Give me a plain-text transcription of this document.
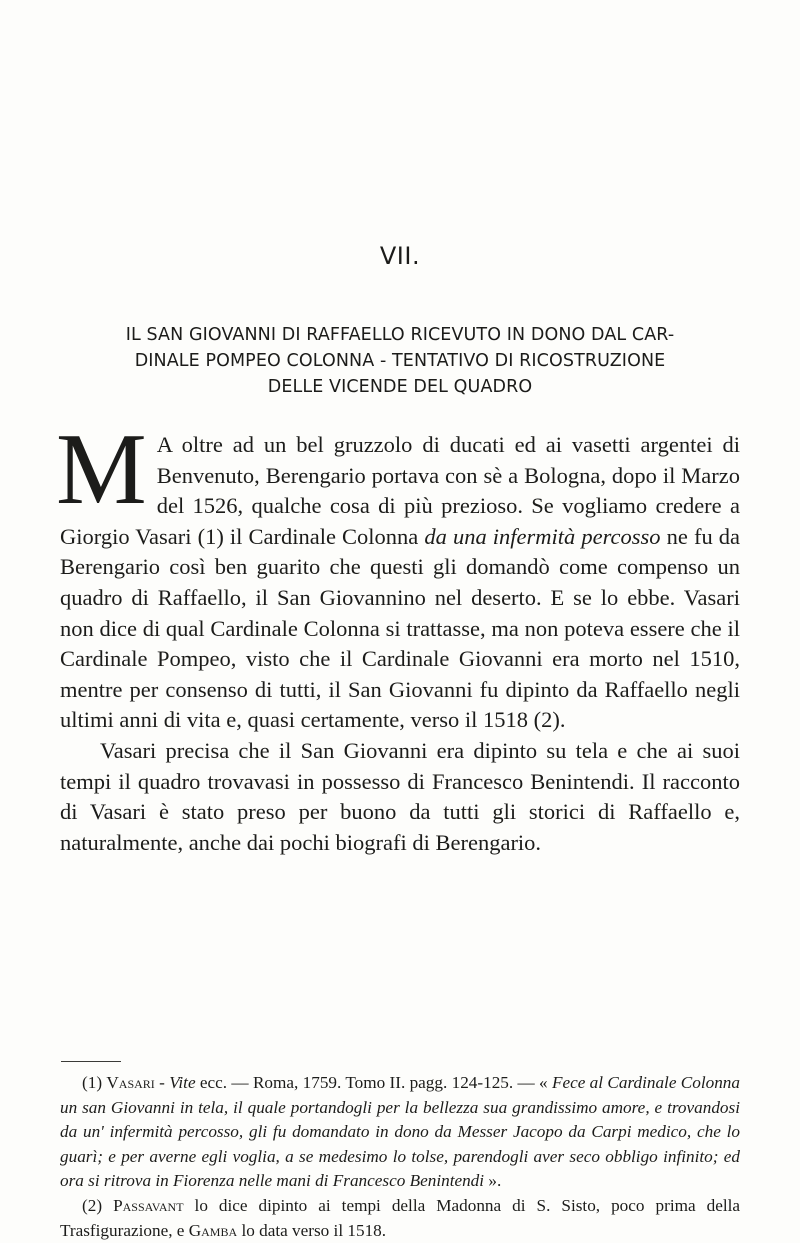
VII.
IL SAN GIOVANNI DI RAFFAELLO RICEVUTO IN DONO DAL CAR-
DINALE POMPEO COLONNA - TENTATIVO DI RICOSTRUZIONE
DELLE VICENDE DEL QUADRO

M A oltre ad un bel gruzzolo di ducati ed ai vasetti argentei di Benvenuto, Berengario portava con sè a Bologna, dopo il Marzo del 1526, qualche cosa di più prezioso. Se vogliamo credere a Giorgio Vasari (1) il Cardinale Colonna da una infermità percosso ne fu da Berengario così ben guarito che questi gli domandò come compenso un quadro di Raffaello, il San Giovannino nel deserto. E se lo ebbe. Vasari non dice di qual Cardinale Colonna si trattasse, ma non poteva essere che il Cardinale Pompeo, visto che il Cardinale Giovanni era morto nel 1510, mentre per consenso di tutti, il San Giovanni fu dipinto da Raffaello negli ultimi anni di vita e, quasi certamente, verso il 1518 (2).

Vasari precisa che il San Giovanni era dipinto su tela e che ai suoi tempi il quadro trovavasi in possesso di Francesco Benintendi. Il racconto di Vasari è stato preso per buono da tutti gli storici di Raffaello e, naturalmente, anche dai pochi biografi di Berengario.

(1) Vasari - Vite ecc. — Roma, 1759. Tomo II. pagg. 124-125. — « Fece al Cardinale Colonna un san Giovanni in tela, il quale portandogli per la bellezza sua grandissimo amore, e trovandosi da un' infermità percosso, gli fu domandato in dono da Messer Jacopo da Carpi medico, che lo guarì; e per averne egli voglia, a se medesimo lo tolse, parendogli aver seco obbligo infinito; ed ora si ritrova in Fiorenza nelle mani di Francesco Benintendi ».

(2) Passavant lo dice dipinto ai tempi della Madonna di S. Sisto, poco prima della Trasfigurazione, e Gamba lo data verso il 1518.
